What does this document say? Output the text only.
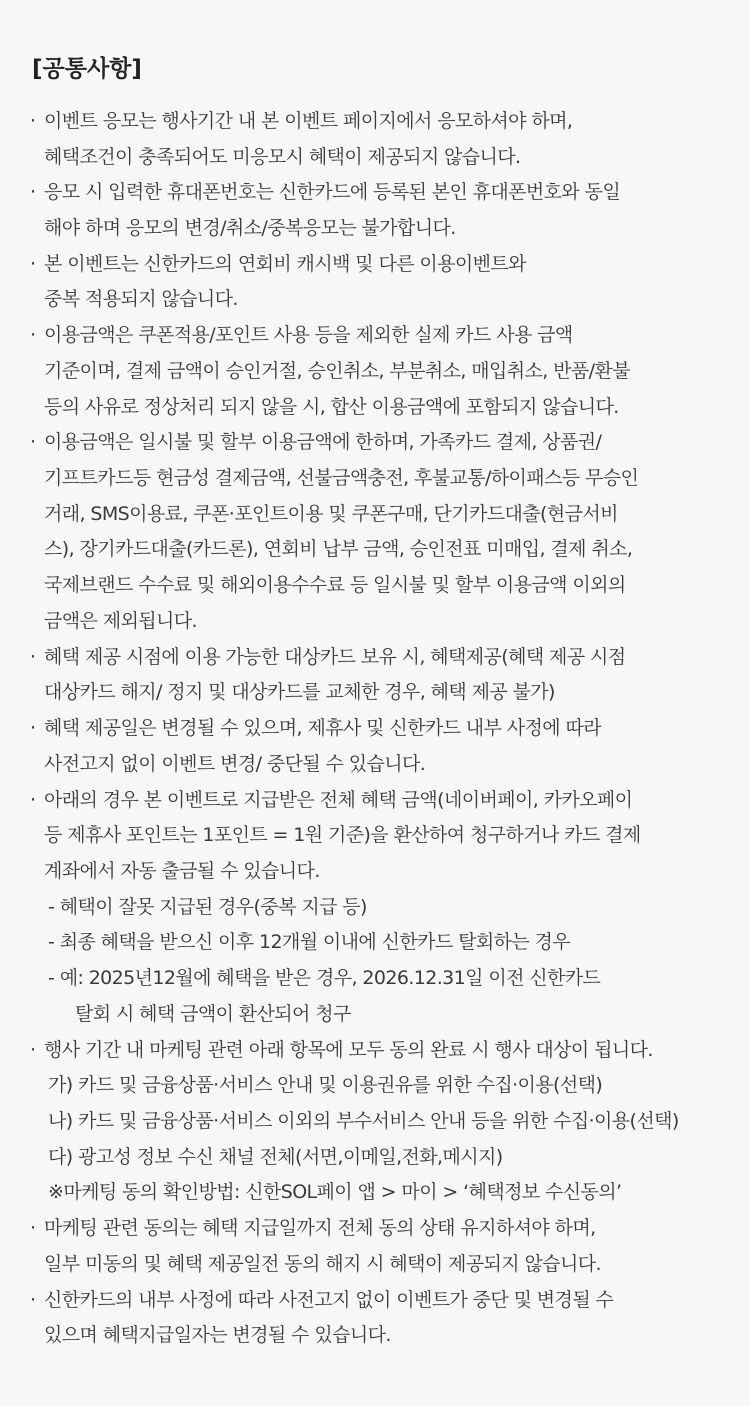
[공통사항]
· 이벤트 응모는 행사기간 내 본 이벤트 페이지에서 응모하셔야 하며,
혜택조건이 충족되어도 미응모시 혜택이 제공되지 않습니다.
· 응모 시 입력한 휴대폰번호는 신한카드에 등록된 본인 휴대폰번호와 동일
해야 하며 응모의 변경/취소/중복응모는 불가합니다.
· 본 이벤트는 신한카드의 연회비 캐시백 및 다른 이용이벤트와
중복 적용되지 않습니다.
· 이용금액은 쿠폰적용/포인트 사용 등을 제외한 실제 카드 사용 금액
기준이며, 결제 금액이 승인거절, 승인취소, 부분취소, 매입취소, 반품/환불
등의 사유로 정상처리 되지 않을 시, 합산 이용금액에 포함되지 않습니다.
· 이용금액은 일시불 및 할부 이용금액에 한하며, 가족카드 결제, 상품권/
기프트카드등 현금성 결제금액, 선불금액충전, 후불교통/하이패스등 무승인
거래, SMS이용료, 쿠폰·포인트이용 및 쿠폰구매, 단기카드대출(현금서비
스), 장기카드대출(카드론), 연회비 납부 금액, 승인전표 미매입, 결제 취소,
국제브랜드 수수료 및 해외이용수수료 등 일시불 및 할부 이용금액 이외의
금액은 제외됩니다.
· 혜택 제공 시점에 이용 가능한 대상카드 보유 시, 혜택제공(혜택 제공 시점
대상카드 해지/ 정지 및 대상카드를 교체한 경우, 혜택 제공 불가)
· 혜택 제공일은 변경될 수 있으며, 제휴사 및 신한카드 내부 사정에 따라
사전고지 없이 이벤트 변경/ 중단될 수 있습니다.
· 아래의 경우 본 이벤트로 지급받은 전체 혜택 금액(네이버페이, 카카오페이
등 제휴사 포인트는 1포인트 = 1원 기준)을 환산하여 청구하거나 카드 결제
계좌에서 자동 출금될 수 있습니다.
- 혜택이 잘못 지급된 경우(중복 지급 등)
- 최종 혜택을 받으신 이후 12개월 이내에 신한카드 탈회하는 경우
- 예: 2025년12월에 혜택을 받은 경우, 2026.12.31일 이전 신한카드
탈회 시 혜택 금액이 환산되어 청구
· 행사 기간 내 마케팅 관련 아래 항목에 모두 동의 완료 시 행사 대상이 됩니다.
가) 카드 및 금융상품·서비스 안내 및 이용권유를 위한 수집·이용(선택)
나) 카드 및 금융상품·서비스 이외의 부수서비스 안내 등을 위한 수집·이용(선택)
다) 광고성 정보 수신 채널 전체(서면,이메일,전화,메시지)
※마케팅 동의 확인방법: 신한SOL페이 앱 > 마이 > ‘혜택정보 수신동의’
· 마케팅 관련 동의는 혜택 지급일까지 전체 동의 상태 유지하셔야 하며,
일부 미동의 및 혜택 제공일전 동의 해지 시 혜택이 제공되지 않습니다.
· 신한카드의 내부 사정에 따라 사전고지 없이 이벤트가 중단 및 변경될 수
있으며 혜택지급일자는 변경될 수 있습니다.
